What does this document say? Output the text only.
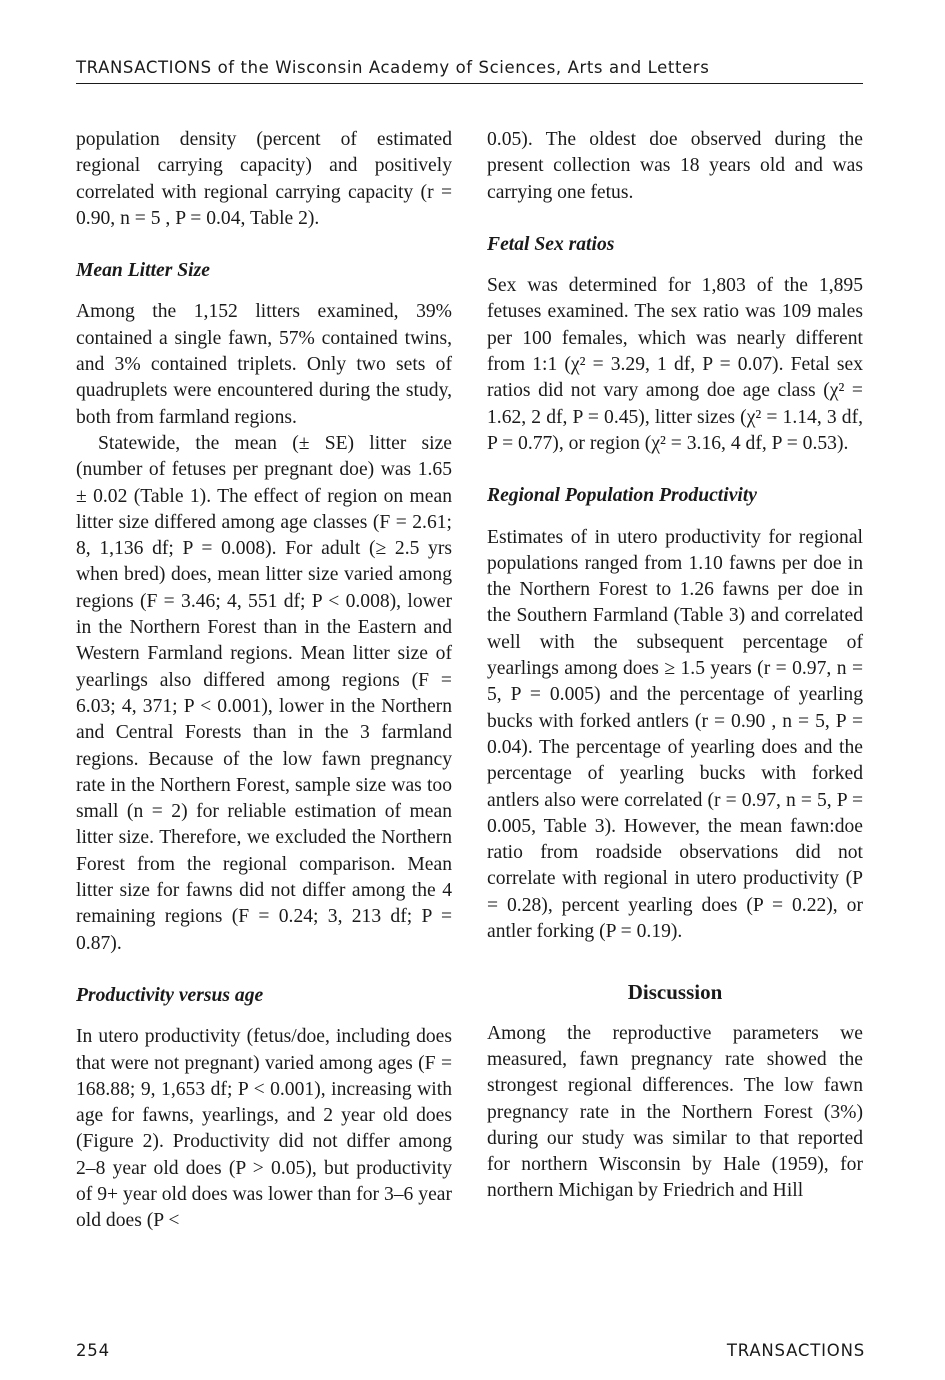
TRANSACTIONS of the Wisconsin Academy of Sciences, Arts and Letters

population density (percent of estimated regional carrying capacity) and positively correlated with regional carrying capacity (r = 0.90, n = 5 , P = 0.04, Table 2).

Mean Litter Size

Among the 1,152 litters examined, 39% contained a single fawn, 57% contained twins, and 3% contained triplets. Only two sets of quadruplets were encountered during the study, both from farmland regions.

Statewide, the mean (± SE) litter size (number of fetuses per pregnant doe) was 1.65 ± 0.02 (Table 1). The effect of region on mean litter size differed among age classes (F = 2.61; 8, 1,136 df; P = 0.008). For adult (≥ 2.5 yrs when bred) does, mean litter size varied among regions (F = 3.46; 4, 551 df; P < 0.008), lower in the Northern Forest than in the Eastern and Western Farmland regions. Mean litter size of yearlings also differed among regions (F = 6.03; 4, 371; P < 0.001), lower in the Northern and Central Forests than in the 3 farmland regions. Because of the low fawn pregnancy rate in the Northern Forest, sample size was too small (n = 2) for reliable estimation of mean litter size. Therefore, we excluded the Northern Forest from the regional comparison. Mean litter size for fawns did not differ among the 4 remaining regions (F = 0.24; 3, 213 df; P = 0.87).

Productivity versus age

In utero productivity (fetus/doe, including does that were not pregnant) varied among ages (F = 168.88; 9, 1,653 df; P < 0.001), increasing with age for fawns, yearlings, and 2 year old does (Figure 2). Productivity did not differ among 2–8 year old does (P > 0.05), but productivity of 9+ year old does was lower than for 3–6 year old does (P <

0.05). The oldest doe observed during the present collection was 18 years old and was carrying one fetus.

Fetal Sex ratios

Sex was determined for 1,803 of the 1,895 fetuses examined. The sex ratio was 109 males per 100 females, which was nearly different from 1:1 (χ² = 3.29, 1 df, P = 0.07). Fetal sex ratios did not vary among doe age class (χ² = 1.62, 2 df, P = 0.45), litter sizes (χ² = 1.14, 3 df, P = 0.77), or region (χ² = 3.16, 4 df, P = 0.53).

Regional Population Productivity

Estimates of in utero productivity for regional populations ranged from 1.10 fawns per doe in the Northern Forest to 1.26 fawns per doe in the Southern Farmland (Table 3) and correlated well with the subsequent percentage of yearlings among does ≥ 1.5 years (r = 0.97, n = 5, P = 0.005) and the percentage of yearling bucks with forked antlers (r = 0.90 , n = 5, P = 0.04). The percentage of yearling does and the percentage of yearling bucks with forked antlers also were correlated (r = 0.97, n = 5, P = 0.005, Table 3). However, the mean fawn:doe ratio from roadside observations did not correlate with regional in utero productivity (P = 0.28), percent yearling does (P = 0.22), or antler forking (P = 0.19).

Discussion

Among the reproductive parameters we measured, fawn pregnancy rate showed the strongest regional differences. The low fawn pregnancy rate in the Northern Forest (3%) during our study was similar to that reported for northern Wisconsin by Hale (1959), for northern Michigan by Friedrich and Hill

254	TRANSACTIONS
